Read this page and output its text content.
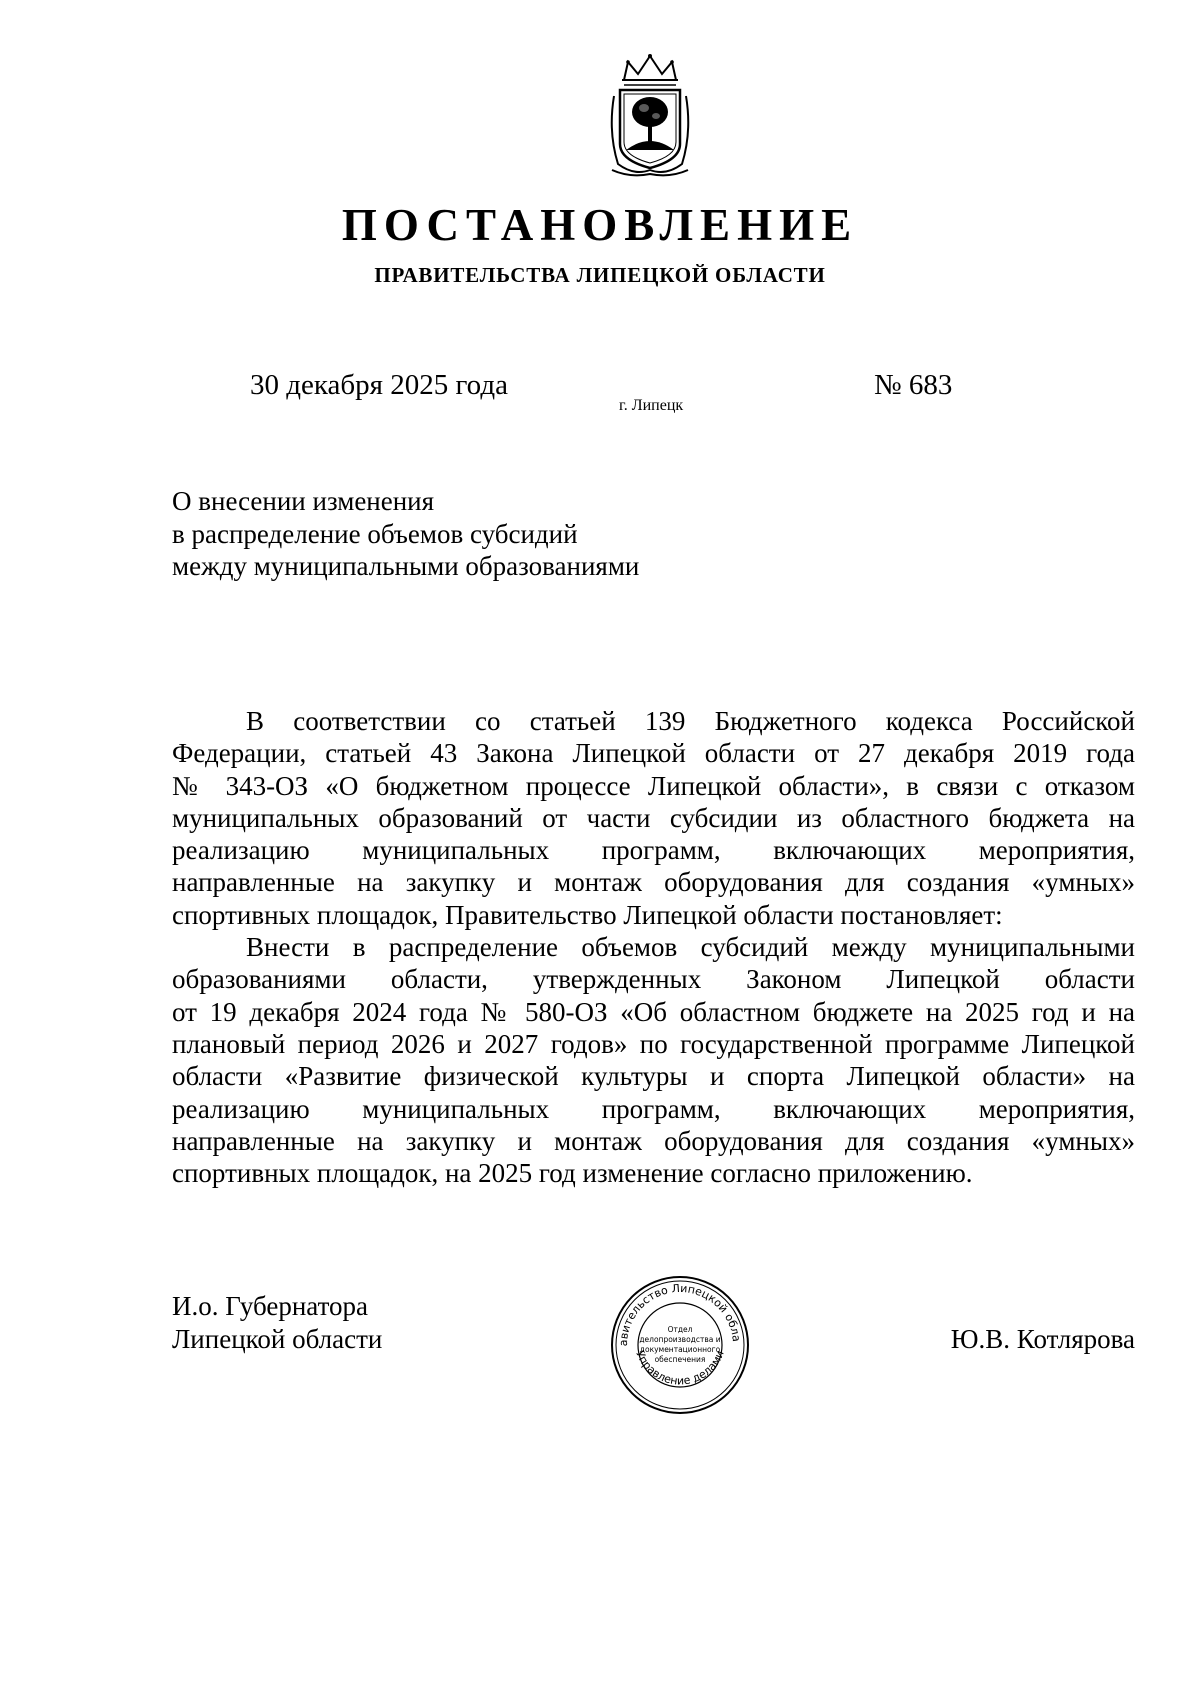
ПОСТАНОВЛЕНИЕ
ПРАВИТЕЛЬСТВА ЛИПЕЦКОЙ ОБЛАСТИ
30 декабря 2025 года
г. Липецк
№ 683
О внесении изменения
в распределение объемов субсидий
между муниципальными образованиями
В соответствии со статьей 139 Бюджетного кодекса Российской
Федерации, статьей 43 Закона Липецкой области от 27 декабря 2019 года
№ 343-ОЗ «О бюджетном процессе Липецкой области», в связи с отказом
муниципальных образований от части субсидии из областного бюджета на
реализацию муниципальных программ, включающих мероприятия,
направленные на закупку и монтаж оборудования для создания «умных»
спортивных площадок, Правительство Липецкой области постановляет:
Внести в распределение объемов субсидий между муниципальными
образованиями области, утвержденных Законом Липецкой области
от 19 декабря 2024 года № 580-ОЗ «Об областном бюджете на 2025 год и на
плановый период 2026 и 2027 годов» по государственной программе Липецкой
области «Развитие физической культуры и спорта Липецкой области» на
реализацию муниципальных программ, включающих мероприятия,
направленные на закупку и монтаж оборудования для создания «умных»
спортивных площадок, на 2025 год изменение согласно приложению.
И.о. Губернатора
Липецкой области	Ю.В. Котлярова
авительство Липецкой обла
Управление делами
Отдел
делопроизводства и
документационного
обеспечения
